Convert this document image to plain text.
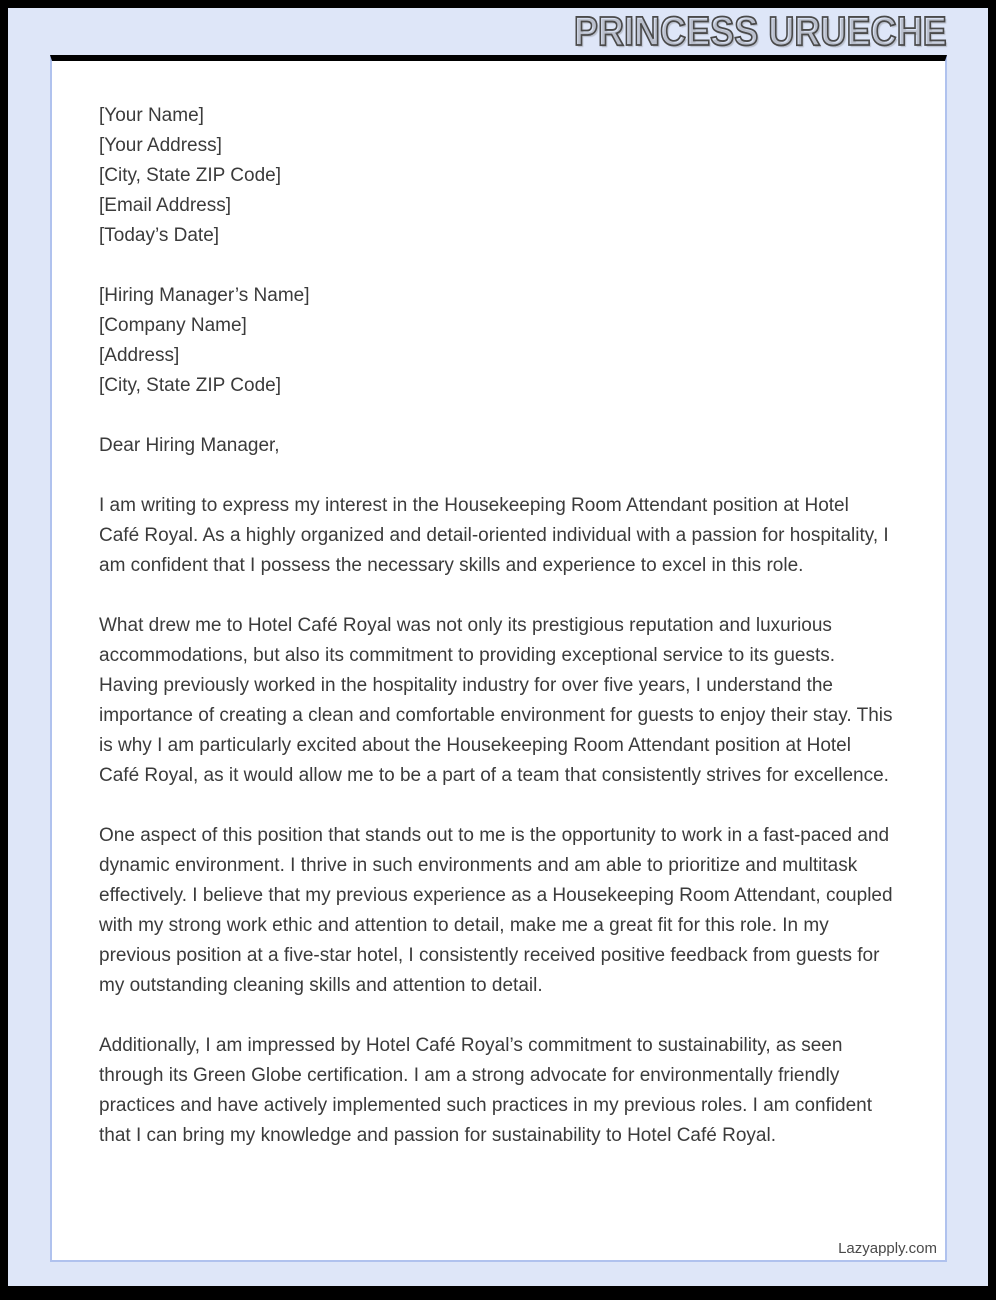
PRINCESS URUECHE
[Your Name]
[Your Address]
[City, State ZIP Code]
[Email Address]
[Today’s Date]
[Hiring Manager’s Name]
[Company Name]
[Address]
[City, State ZIP Code]
Dear Hiring Manager,

I am writing to express my interest in the Housekeeping Room Attendant position at Hotel Café Royal. As a highly organized and detail-oriented individual with a passion for hospitality, I am confident that I possess the necessary skills and experience to excel in this role.

What drew me to Hotel Café Royal was not only its prestigious reputation and luxurious accommodations, but also its commitment to providing exceptional service to its guests. Having previously worked in the hospitality industry for over five years, I understand the importance of creating a clean and comfortable environment for guests to enjoy their stay. This is why I am particularly excited about the Housekeeping Room Attendant position at Hotel Café Royal, as it would allow me to be a part of a team that consistently strives for excellence.

One aspect of this position that stands out to me is the opportunity to work in a fast-paced and dynamic environment. I thrive in such environments and am able to prioritize and multitask effectively. I believe that my previous experience as a Housekeeping Room Attendant, coupled with my strong work ethic and attention to detail, make me a great fit for this role. In my previous position at a five-star hotel, I consistently received positive feedback from guests for my outstanding cleaning skills and attention to detail.

Additionally, I am impressed by Hotel Café Royal’s commitment to sustainability, as seen through its Green Globe certification. I am a strong advocate for environmentally friendly practices and have actively implemented such practices in my previous roles. I am confident that I can bring my knowledge and passion for sustainability to Hotel Café Royal.

Lazyapply.com
